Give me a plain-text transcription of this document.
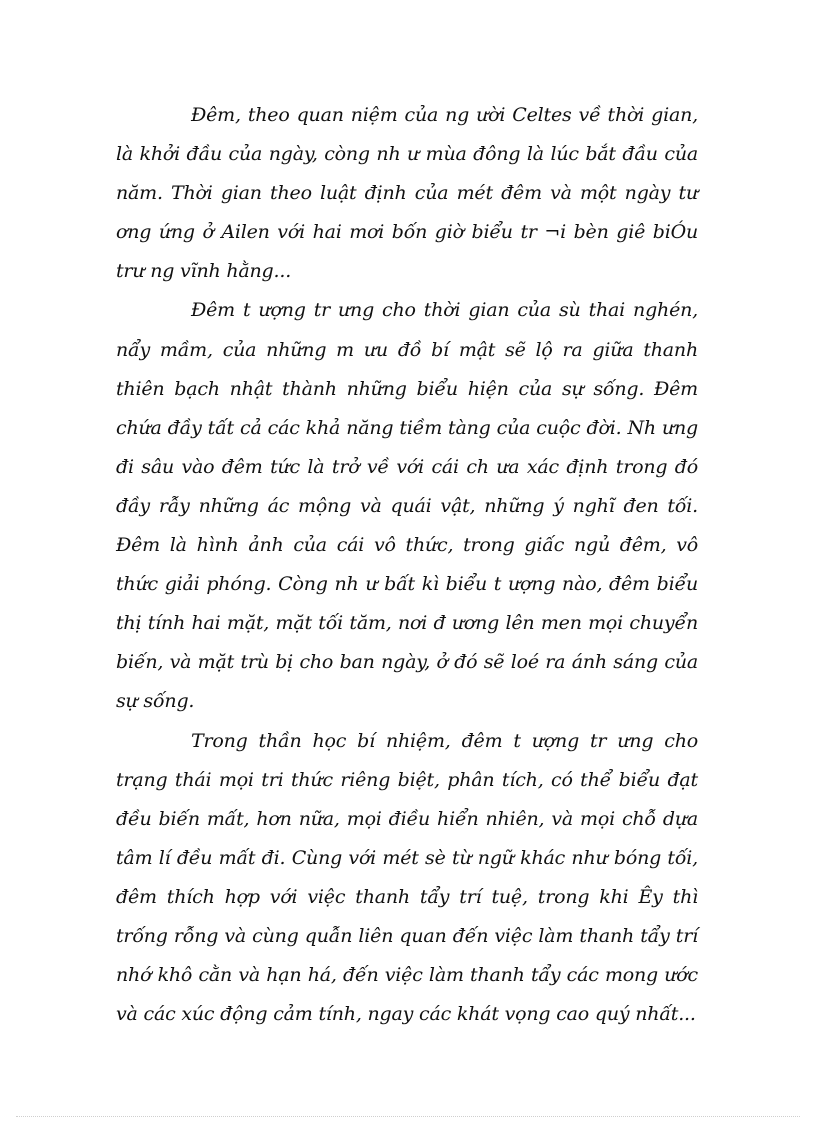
Đêm, theo quan niệm của ng ười Celtes về thời gian, là khởi đầu của ngày, còng nh ư mùa đông là lúc bắt đầu của năm. Thời gian theo luật định của mét đêm và một ngày tư ơng ứng ở Ailen với hai mơi bốn giờ biểu tr ¬i bèn giê biÓu trư ng vĩnh hằng...

Đêm t ượng tr ưng cho thời gian của sù thai nghén, nẩy mầm, của những m ưu đồ bí mật sẽ lộ ra giữa thanh thiên bạch nhật thành những biểu hiện của sự sống. Đêm chứa đầy tất cả các khả năng tiềm tàng của cuộc đời. Nh ưng đi sâu vào đêm tức là trở về với cái ch ưa xác định trong đó đầy rẫy những ác mộng và quái vật, những ý nghĩ đen tối. Đêm là hình ảnh của cái vô thức, trong giấc ngủ đêm, vô thức giải phóng. Còng nh ư bất kì biểu t ượng nào, đêm biểu thị tính hai mặt, mặt tối tăm, nơi đ ương lên men mọi chuyển biến, và mặt trù bị cho ban ngày, ở đó sẽ loé ra ánh sáng của sự sống.

Trong thần học bí nhiệm, đêm t ượng tr ưng cho trạng thái mọi tri thức riêng biệt, phân tích, có thể biểu đạt đều biến mất, hơn nữa, mọi điều hiển nhiên, và mọi chỗ dựa tâm lí đều mất đi. Cùng với mét sè từ ngữ khác như bóng tối, đêm thích hợp với việc thanh tẩy trí tuệ, trong khi Êy thì trống rỗng và cùng quẫn liên quan đến việc làm thanh tẩy trí nhớ khô cằn và hạn há, đến việc làm thanh tẩy các mong ước và các xúc động cảm tính, ngay các khát vọng cao quý nhất...
